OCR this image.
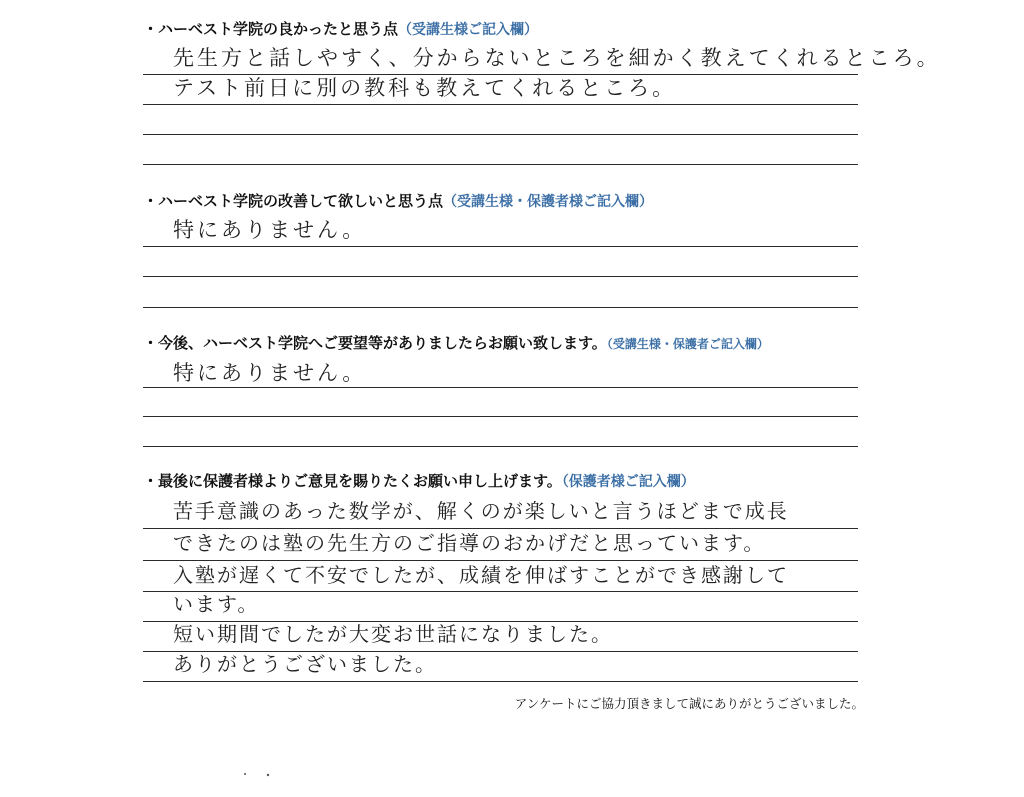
・ハーベスト学院の良かったと思う点（受講生様ご記入欄）
先生方と話しやすく、分からないところを細かく教えてくれるところ。
テスト前日に別の教科も教えてくれるところ。
・ハーベスト学院の改善して欲しいと思う点（受講生様・保護者様ご記入欄）
特にありません。
・今後、ハーベスト学院へご要望等がありましたらお願い致します。（受講生様・保護者ご記入欄）
特にありません。
・最後に保護者様よりご意見を賜りたくお願い申し上げます。（保護者様ご記入欄）
苦手意識のあった数学が、解くのが楽しいと言うほどまで成長
できたのは塾の先生方のご指導のおかげだと思っています。
入塾が遅くて不安でしたが、成績を伸ばすことができ感謝して
います。
短い期間でしたが大変お世話になりました。
ありがとうございました。
アンケートにご協力頂きまして誠にありがとうございました。
